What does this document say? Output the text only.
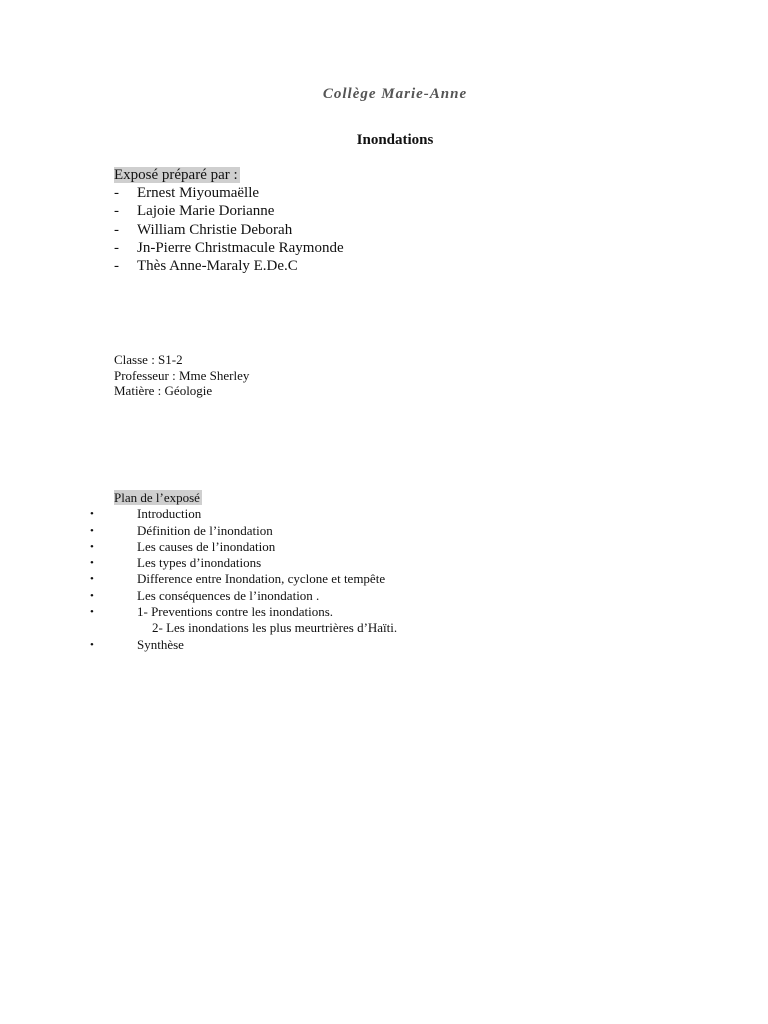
Collège Marie-Anne
Inondations
Exposé préparé par :
- Ernest Miyoumaëlle
- Lajoie Marie Dorianne
- William Christie Deborah
- Jn-Pierre Christmacule Raymonde
- Thès Anne-Maraly E.De.C
Classe : S1-2
Professeur : Mme Sherley
Matière : Géologie
Plan de l’exposé
•	Introduction
•	Définition de l’inondation
•	Les causes de l’inondation
•	Les types d’inondations
•	Difference entre Inondation, cyclone et tempête
•	Les conséquences de l’inondation .
•	1- Preventions contre les inondations.
2- Les inondations les plus meurtrières d’Haïti.
•	Synthèse
